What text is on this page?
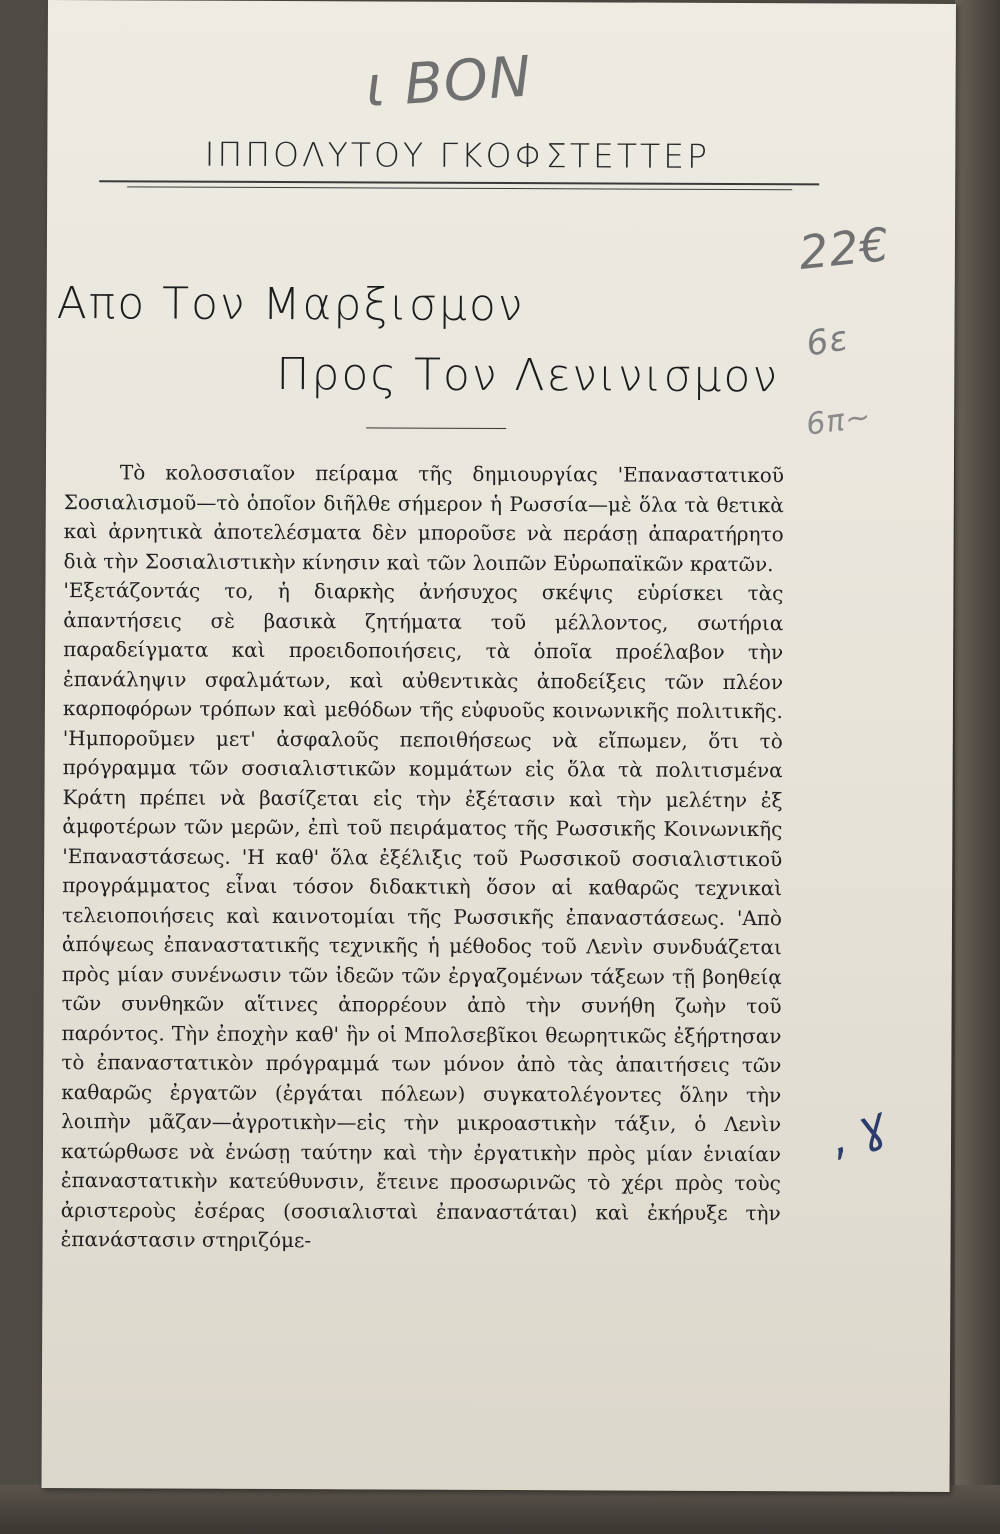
ι ΒΟΝ
22€
6ε
6π~
, ɣ
ΙΠΠΟΛΥΤΟΥ ΓΚΟΦΣΤΕΤΤΕΡ
Απο Τον Μαρξισμον
Προς Τον Λενινισμον

Τὸ κολοσσιαῖον πείραμα τῆς δημιουργίας 'Επαναστατικοῦ Σοσιαλισμοῦ—τὸ ὁποῖον διῆλθε σήμερον ἡ Ρωσσία—μὲ ὅλα τὰ θετικὰ καὶ ἀρνητικὰ ἀποτελέσματα δὲν μποροῦσε νὰ περάσῃ ἀπαρατήρητο διὰ τὴν Σοσιαλιστικὴν κίνησιν καὶ τῶν λοιπῶν Εὐρωπαϊκῶν κρατῶν.

'Εξετάζοντάς το, ἡ διαρκὴς ἀνήσυχος σκέψις εὑρίσκει τὰς ἀπαντήσεις σὲ βασικὰ ζητήματα τοῦ μέλλοντος, σωτήρια παραδείγματα καὶ προειδοποιήσεις, τὰ ὁποῖα προέλαβον τὴν ἐπανάληψιν σφαλμάτων, καὶ αὐθεντικὰς ἀποδείξεις τῶν πλέον καρποφόρων τρόπων καὶ μεθόδων τῆς εὐφυοῦς κοινωνικῆς πολιτικῆς. 'Ημποροῦμεν μετ' ἀσφαλοῦς πεποιθήσεως νὰ εἴπωμεν, ὅτι τὸ πρόγραμμα τῶν σοσιαλιστικῶν κομμάτων εἰς ὅλα τὰ πολιτισμένα Κράτη πρέπει νὰ βασίζεται εἰς τὴν ἐξέτασιν καὶ τὴν μελέτην ἐξ ἀμφοτέρων τῶν μερῶν, ἐπὶ τοῦ πειράματος τῆς Ρωσσικῆς Κοινωνικῆς 'Επαναστάσεως. 'Η καθ' ὅλα ἐξέλιξις τοῦ Ρωσσικοῦ σοσιαλιστικοῦ προγράμματος εἶναι τόσον διδακτικὴ ὅσον αἱ καθαρῶς τεχνικαὶ τελειοποιήσεις καὶ καινοτομίαι τῆς Ρωσσικῆς ἐπαναστάσεως. 'Απὸ ἀπόψεως ἐπαναστατικῆς τεχνικῆς ἡ μέθοδος τοῦ Λενὶν συνδυάζεται πρὸς μίαν συνένωσιν τῶν ἰδεῶν τῶν ἐργαζομένων τάξεων τῇ βοηθείᾳ τῶν συνθηκῶν αἵτινες ἀπορρέουν ἀπὸ τὴν συνήθη ζωὴν τοῦ παρόντος. Τὴν ἐποχὴν καθ' ἣν οἱ Μπολσεβῖκοι θεωρητικῶς ἐξήρτησαν τὸ ἐπαναστατικὸν πρόγραμμά των μόνον ἀπὸ τὰς ἀπαιτήσεις τῶν καθαρῶς ἐργατῶν (ἐργάται πόλεων) συγκατολέγοντες ὅλην τὴν λοιπὴν μᾶζαν—ἀγροτικὴν—εἰς τὴν μικροαστικὴν τάξιν, ὁ Λενὶν κατώρθωσε νὰ ἑνώσῃ ταύτην καὶ τὴν ἐργατικὴν πρὸς μίαν ἑνιαίαν ἐπαναστατικὴν κατεύθυνσιν, ἔτεινε προσωρινῶς τὸ χέρι πρὸς τοὺς ἀριστεροὺς ἐσέρας (σοσιαλισταὶ ἐπαναστάται) καὶ ἐκήρυξε τὴν ἐπανάστασιν στηριζόμε-
